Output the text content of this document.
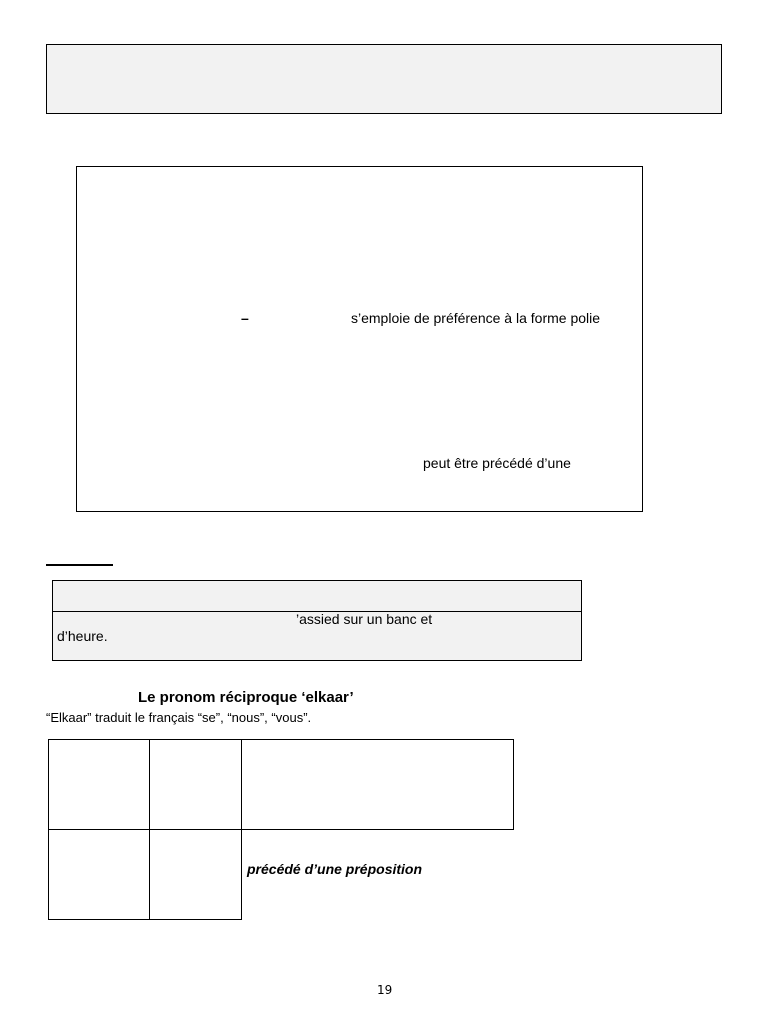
–	s’emploie de préférence à la forme polie
peut être précédé d’une
’assied sur un banc et
d’heure.
Le pronom réciproque ‘elkaar’
“Elkaar” traduit le français “se”, “nous”, “vous”.
précédé d’une préposition
19
